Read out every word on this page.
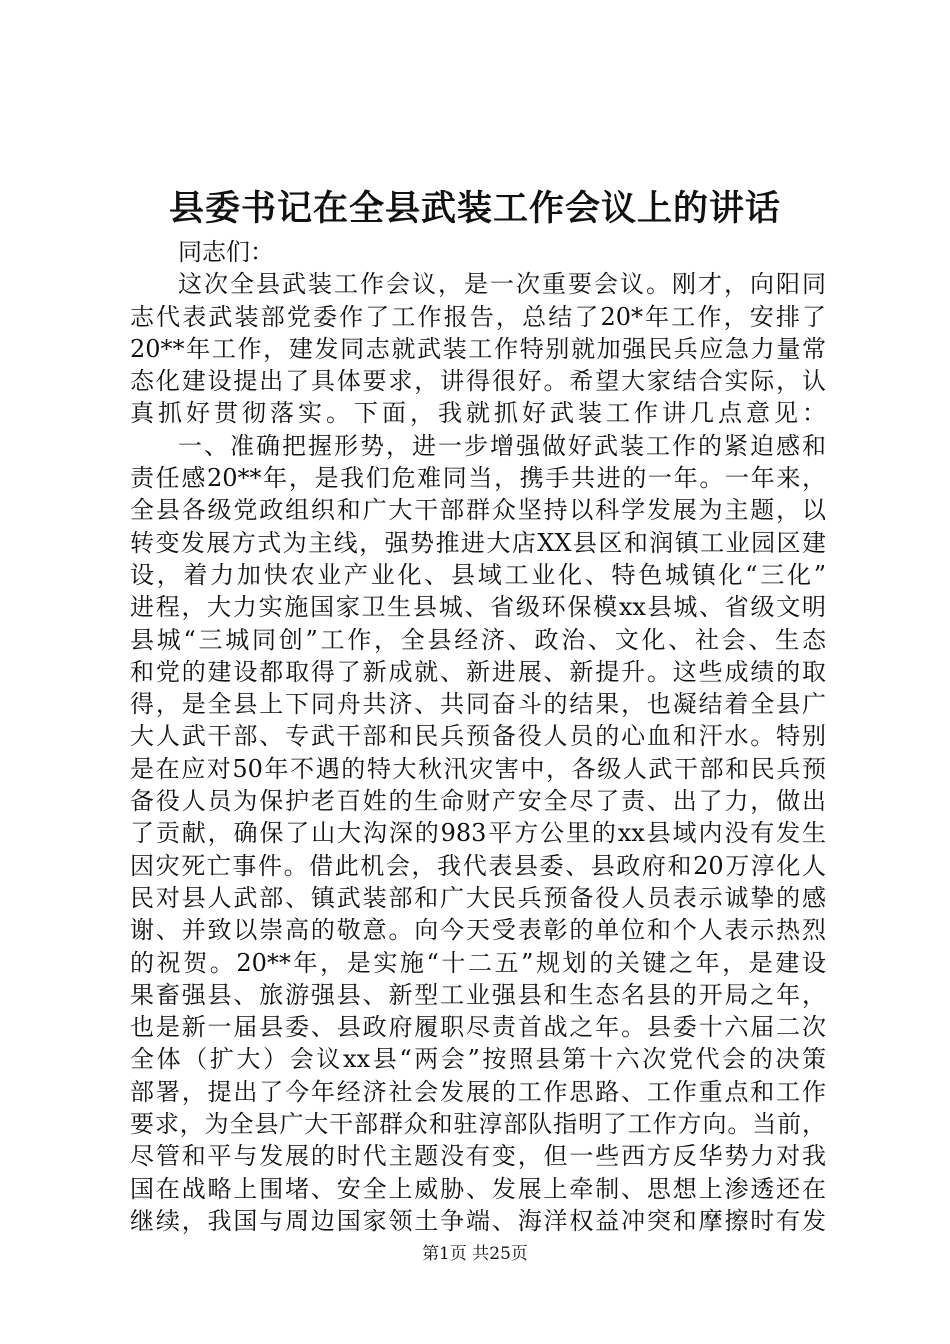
县委书记在全县武装工作会议上的讲话
同志们：
这次全县武装工作会议，是一次重要会议。刚才，向阳同
志代表武装部党委作了工作报告，总结了20*年工作，安排了
20**年工作，建发同志就武装工作特别就加强民兵应急力量常
态化建设提出了具体要求，讲得很好。希望大家结合实际，认
真抓好贯彻落实。下面，我就抓好武装工作讲几点意见：
一、准确把握形势，进一步增强做好武装工作的紧迫感和
责任感20**年，是我们危难同当，携手共进的一年。一年来，
全县各级党政组织和广大干部群众坚持以科学发展为主题，以
转变发展方式为主线，强势推进大店XX县区和润镇工业园区建
设，着力加快农业产业化、县域工业化、特色城镇化“三化”
进程，大力实施国家卫生县城、省级环保模xx县城、省级文明
县城“三城同创”工作，全县经济、政治、文化、社会、生态
和党的建设都取得了新成就、新进展、新提升。这些成绩的取
得，是全县上下同舟共济、共同奋斗的结果，也凝结着全县广
大人武干部、专武干部和民兵预备役人员的心血和汗水。特别
是在应对50年不遇的特大秋汛灾害中，各级人武干部和民兵预
备役人员为保护老百姓的生命财产安全尽了责、出了力，做出
了贡献，确保了山大沟深的983平方公里的xx县域内没有发生
因灾死亡事件。借此机会，我代表县委、县政府和20万淳化人
民对县人武部、镇武装部和广大民兵预备役人员表示诚挚的感
谢、并致以崇高的敬意。向今天受表彰的单位和个人表示热烈
的祝贺。20**年，是实施“十二五”规划的关键之年，是建设
果畜强县、旅游强县、新型工业强县和生态名县的开局之年，
也是新一届县委、县政府履职尽责首战之年。县委十六届二次
全体（扩大）会议xx县“两会”按照县第十六次党代会的决策
部署，提出了今年经济社会发展的工作思路、工作重点和工作
要求，为全县广大干部群众和驻淳部队指明了工作方向。当前，
尽管和平与发展的时代主题没有变，但一些西方反华势力对我
国在战略上围堵、安全上威胁、发展上牵制、思想上渗透还在
继续，我国与周边国家领土争端、海洋权益冲突和摩擦时有发
第1页 共25页
